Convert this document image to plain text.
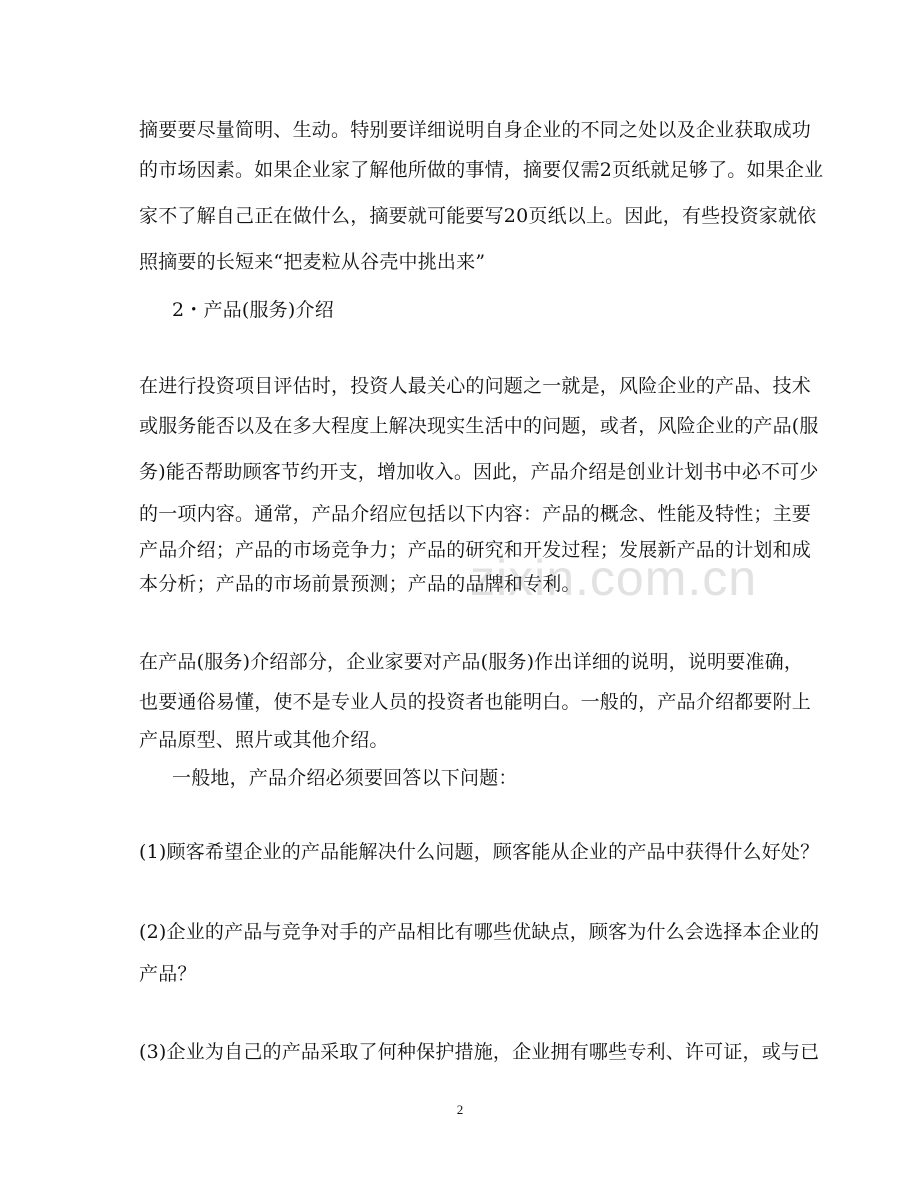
zixin.com.cn
摘要要尽量简明、生动。特别要详细说明自身企业的不同之处以及企业获取成功
的市场因素。如果企业家了解他所做的事情，摘要仅需2页纸就足够了。如果企业
家不了解自己正在做什么，摘要就可能要写20页纸以上。因此，有些投资家就依
照摘要的长短来“把麦粒从谷壳中挑出来”
2・产品(服务)介绍
在进行投资项目评估时，投资人最关心的问题之一就是，风险企业的产品、技术
或服务能否以及在多大程度上解决现实生活中的问题，或者，风险企业的产品(服
务)能否帮助顾客节约开支，增加收入。因此，产品介绍是创业计划书中必不可少
的一项内容。通常，产品介绍应包括以下内容：产品的概念、性能及特性；主要
产品介绍；产品的市场竞争力；产品的研究和开发过程；发展新产品的计划和成
本分析；产品的市场前景预测；产品的品牌和专利。
在产品(服务)介绍部分，企业家要对产品(服务)作出详细的说明，说明要准确，
也要通俗易懂，使不是专业人员的投资者也能明白。一般的，产品介绍都要附上
产品原型、照片或其他介绍。
一般地，产品介绍必须要回答以下问题：
(1)顾客希望企业的产品能解决什么问题，顾客能从企业的产品中获得什么好处？
(2)企业的产品与竞争对手的产品相比有哪些优缺点，顾客为什么会选择本企业的
产品？
(3)企业为自己的产品采取了何种保护措施，企业拥有哪些专利、许可证，或与已
2
